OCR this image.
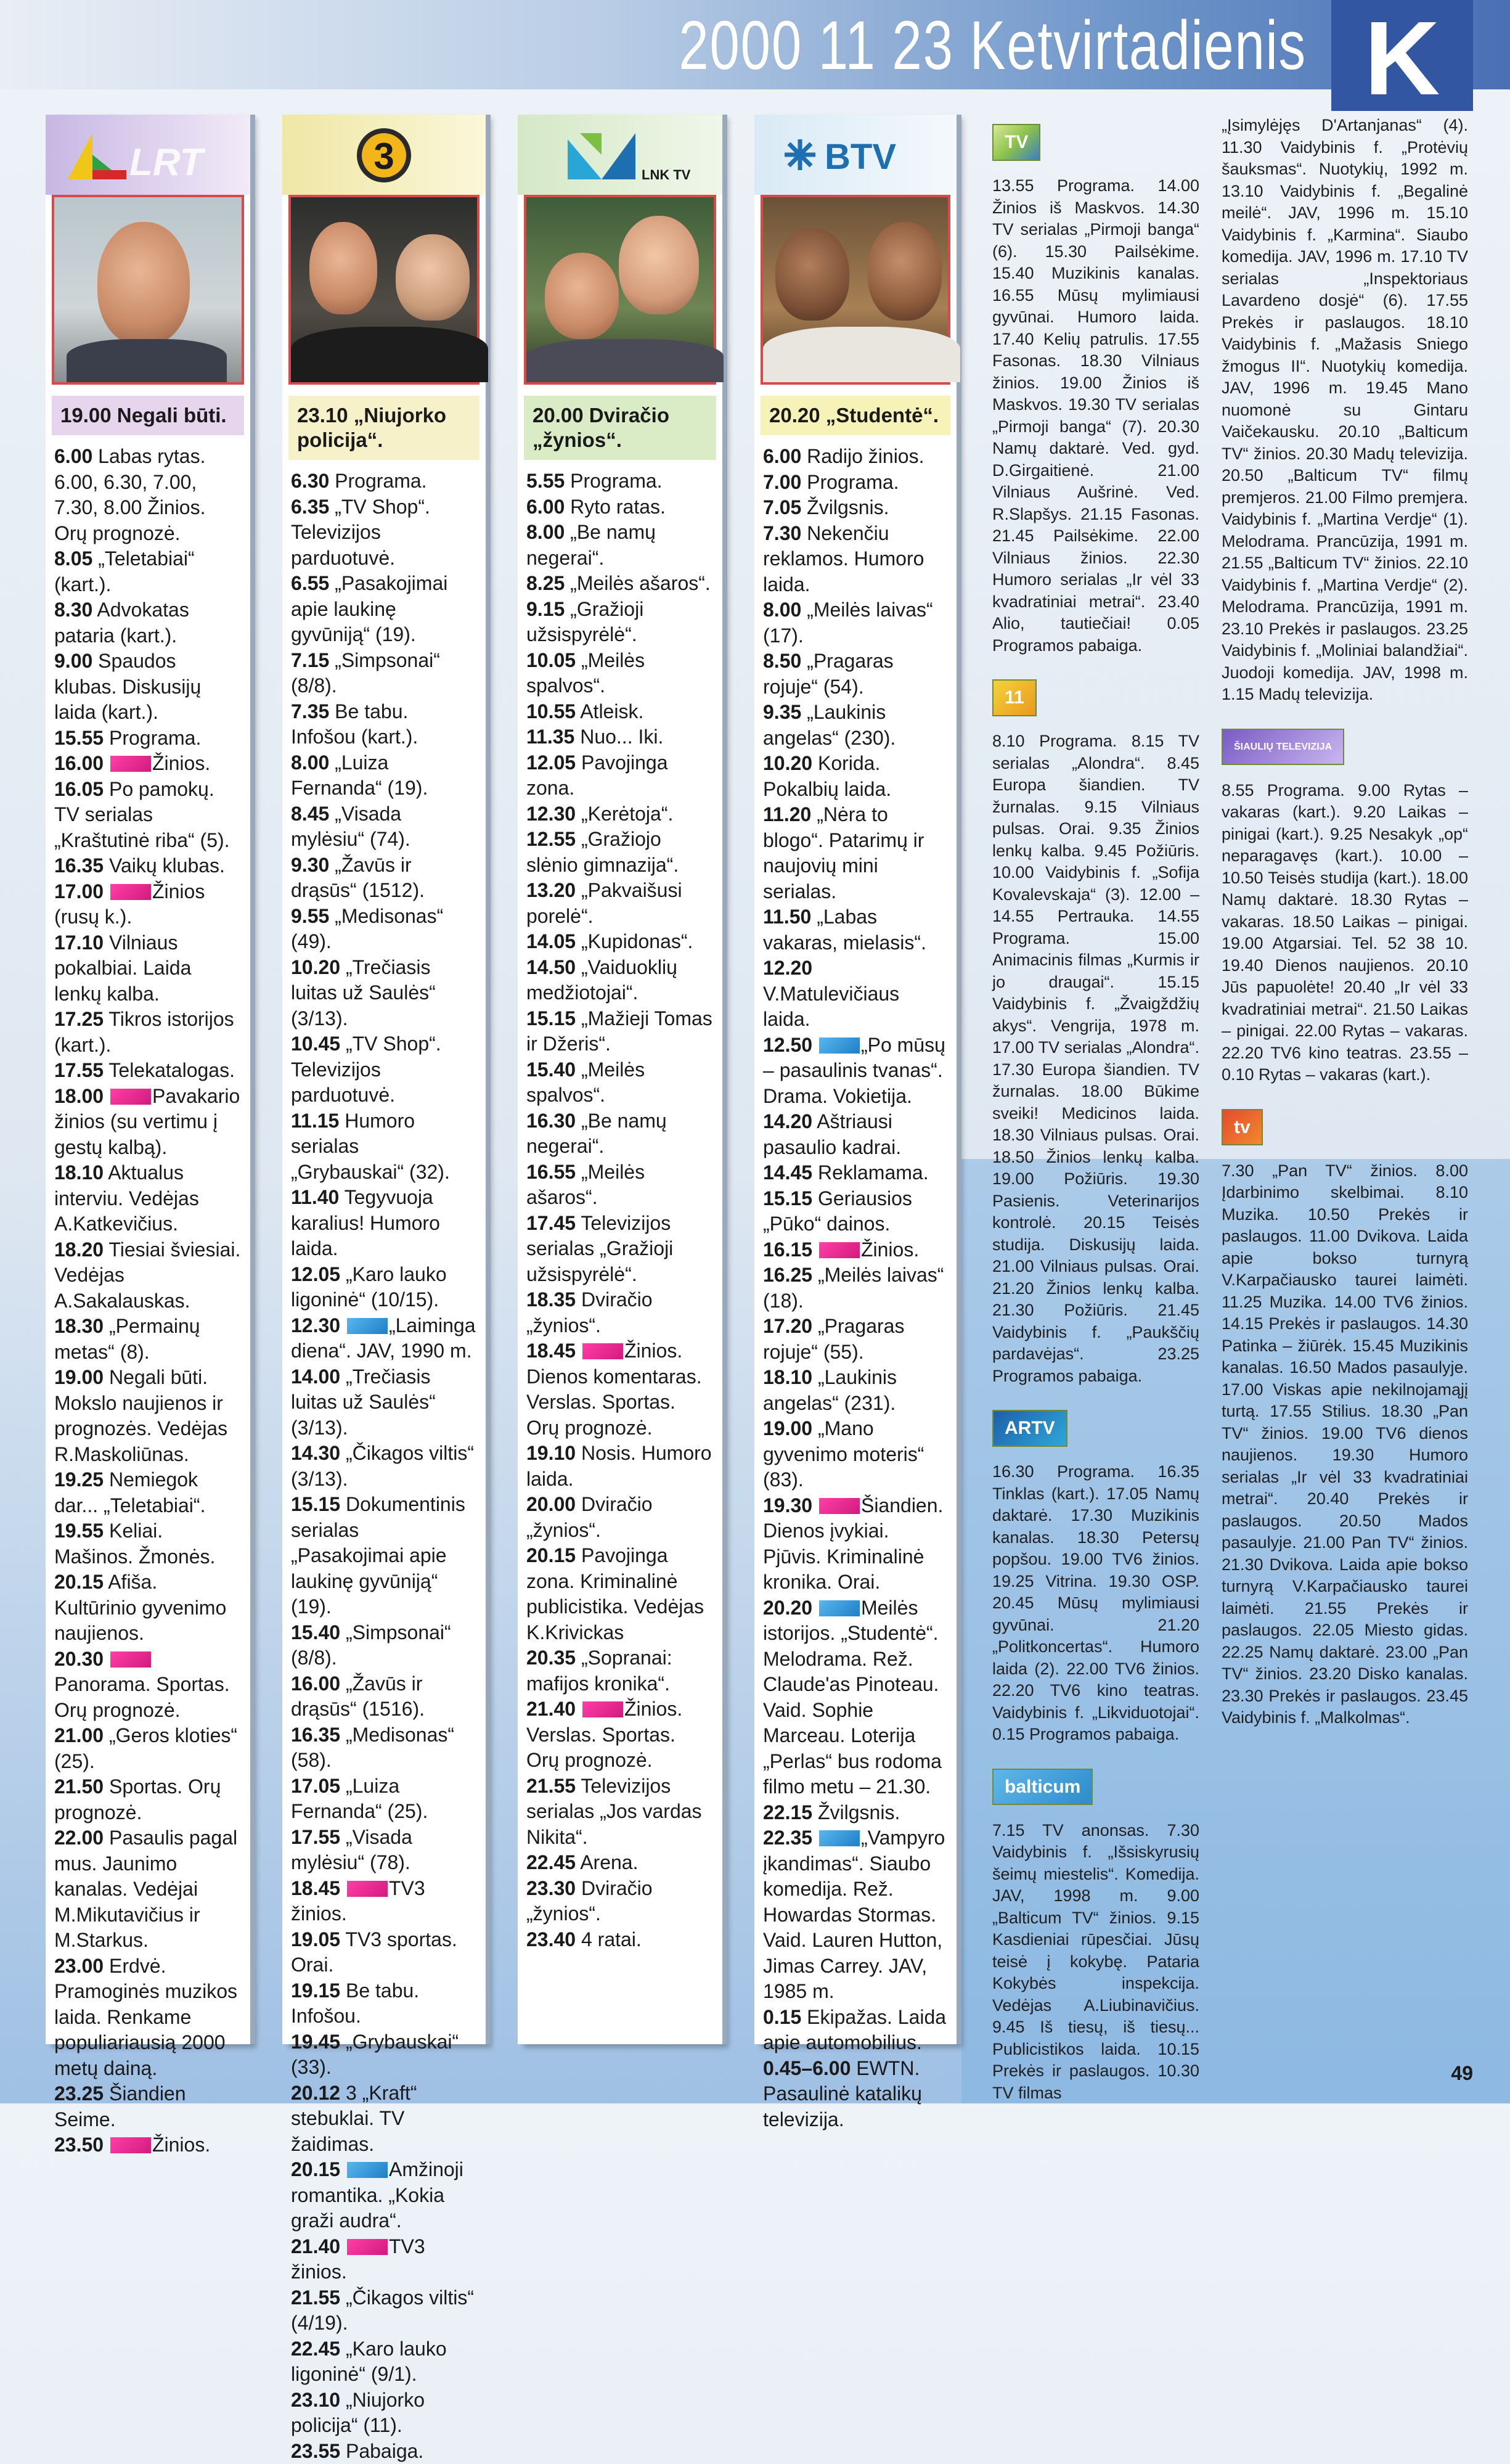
2000 11 23 Ketvirtadienis K
LRT
19.00 Negali būti.
6.00 Labas rytas.
6.00, 6.30, 7.00, 7.30, 8.00 Žinios. Orų prognozė.
8.05 „Teletabiai“ (kart.).
8.30 Advokatas pataria (kart.).
9.00 Spaudos klubas. Diskusijų laida (kart.).
15.55 Programa.
16.00 Žinios.
16.05 Po pamokų. TV serialas „Kraštutinė riba“ (5).
16.35 Vaikų klubas.
17.00 Žinios (rusų k.).
17.10 Vilniaus pokalbiai. Laida lenkų kalba.
17.25 Tikros istorijos (kart.).
17.55 Telekatalogas.
18.00 Pavakario žinios (su vertimu į gestų kalbą).
18.10 Aktualus interviu. Vedėjas A.Katkevičius.
18.20 Tiesiai šviesiai. Vedėjas A.Sakalauskas.
18.30 „Permainų metas“ (8).
19.00 Negali būti. Mokslo naujienos ir prognozės. Vedėjas R.Maskoliūnas.
19.25 Nemiegok dar... „Teletabiai“.
19.55 Keliai. Mašinos. Žmonės.
20.15 Afiša. Kultūrinio gyvenimo naujienos.
20.30 Panorama. Sportas. Orų prognozė.
21.00 „Geros kloties“ (25).
21.50 Sportas. Orų prognozė.
22.00 Pasaulis pagal mus. Jaunimo kanalas. Vedėjai M.Mikutavičius ir M.Starkus.
23.00 Erdvė. Pramoginės muzikos laida. Renkame populiariausią 2000 metų dainą.
23.25 Šiandien Seime.
23.50 Žinios.
3
23.10 „Niujorko policija“.
6.30 Programa.
6.35 „TV Shop“. Televizijos parduotuvė.
6.55 „Pasakojimai apie laukinę gyvūniją“ (19).
7.15 „Simpsonai“ (8/8).
7.35 Be tabu. Infošou (kart.).
8.00 „Luiza Fernanda“ (19).
8.45 „Visada mylėsiu“ (74).
9.30 „Žavūs ir drąsūs“ (1512).
9.55 „Medisonas“ (49).
10.20 „Trečiasis luitas už Saulės“ (3/13).
10.45 „TV Shop“. Televizijos parduotuvė.
11.15 Humoro serialas „Grybauskai“ (32).
11.40 Tegyvuoja karalius! Humoro laida.
12.05 „Karo lauko ligoninė“ (10/15).
12.30 „Laiminga diena“. JAV, 1990 m.
14.00 „Trečiasis luitas už Saulės“ (3/13).
14.30 „Čikagos viltis“ (3/13).
15.15 Dokumentinis serialas „Pasakojimai apie laukinę gyvūniją“ (19).
15.40 „Simpsonai“ (8/8).
16.00 „Žavūs ir drąsūs“ (1516).
16.35 „Medisonas“ (58).
17.05 „Luiza Fernanda“ (25).
17.55 „Visada mylėsiu“ (78).
18.45 TV3 žinios.
19.05 TV3 sportas. Orai.
19.15 Be tabu. Infošou.
19.45 „Grybauskai“ (33).
20.12 3 „Kraft“ stebuklai. TV žaidimas.
20.15 Amžinoji romantika. „Kokia graži audra“.
21.40 TV3 žinios.
21.55 „Čikagos viltis“ (4/19).
22.45 „Karo lauko ligoninė“ (9/1).
23.10 „Niujorko policija“ (11).
23.55 Pabaiga.
LNK TV
20.00 Dviračio „žynios“.
5.55 Programa.
6.00 Ryto ratas.
8.00 „Be namų negerai“.
8.25 „Meilės ašaros“.
9.15 „Gražioji užsispyrėlė“.
10.05 „Meilės spalvos“.
10.55 Atleisk.
11.35 Nuo... Iki.
12.05 Pavojinga zona.
12.30 „Kerėtoja“.
12.55 „Gražiojo slėnio gimnazija“.
13.20 „Pakvaišusi porelė“.
14.05 „Kupidonas“.
14.50 „Vaiduoklių medžiotojai“.
15.15 „Mažieji Tomas ir Džeris“.
15.40 „Meilės spalvos“.
16.30 „Be namų negerai“.
16.55 „Meilės ašaros“.
17.45 Televizijos serialas „Gražioji užsispyrėlė“.
18.35 Dviračio „žynios“.
18.45 Žinios. Dienos komentaras. Verslas. Sportas. Orų prognozė.
19.10 Nosis. Humoro laida.
20.00 Dviračio „žynios“.
20.15 Pavojinga zona. Kriminalinė publicistika. Vedėjas K.Krivickas
20.35 „Sopranai: mafijos kronika“.
21.40 Žinios. Verslas. Sportas. Orų prognozė.
21.55 Televizijos serialas „Jos vardas Nikita“.
22.45 Arena.
23.30 Dviračio „žynios“.
23.40 4 ratai.
BTV
20.20 „Studentė“.
6.00 Radijo žinios.
7.00 Programa.
7.05 Žvilgsnis.
7.30 Nekenčiu reklamos. Humoro laida.
8.00 „Meilės laivas“ (17).
8.50 „Pragaras rojuje“ (54).
9.35 „Laukinis angelas“ (230).
10.20 Korida. Pokalbių laida.
11.20 „Nėra to blogo“. Patarimų ir naujovių mini serialas.
11.50 „Labas vakaras, mielasis“.
12.20 V.Matulevičiaus laida.
12.50 „Po mūsų – pasaulinis tvanas“. Drama. Vokietija.
14.20 Aštriausi pasaulio kadrai.
14.45 Reklamama.
15.15 Geriausios „Pūko“ dainos.
16.15 Žinios.
16.25 „Meilės laivas“ (18).
17.20 „Pragaras rojuje“ (55).
18.10 „Laukinis angelas“ (231).
19.00 „Mano gyvenimo moteris“ (83).
19.30 Šiandien. Dienos įvykiai. Pjūvis. Kriminalinė kronika. Orai.
20.20 Meilės istorijos. „Studentė“. Melodrama. Rež. Claude'as Pinoteau. Vaid. Sophie Marceau. Loterija „Perlas“ bus rodoma filmo metu – 21.30.
22.15 Žvilgsnis.
22.35 „Vampyro įkandimas“. Siaubo komedija. Rež. Howardas Stormas. Vaid. Lauren Hutton, Jimas Carrey. JAV, 1985 m.
0.15 Ekipažas. Laida apie automobilius.
0.45–6.00 EWTN. Pasaulinė katalikų televizija.
TV
13.55 Programa. 14.00 Žinios iš Maskvos. 14.30 TV serialas „Pirmoji banga“ (6). 15.30 Pailsėkime. 15.40 Muzikinis kanalas. 16.55 Mūsų mylimiausi gyvūnai. Humoro laida. 17.40 Kelių patrulis. 17.55 Fasonas. 18.30 Vilniaus žinios. 19.00 Žinios iš Maskvos. 19.30 TV serialas „Pirmoji banga“ (7). 20.30 Namų daktarė. Ved. gyd. D.Girgaitienė. 21.00 Vilniaus Aušrinė. Ved. R.Slapšys. 21.15 Fasonas. 21.45 Pailsėkime. 22.00 Vilniaus žinios. 22.30 Humoro serialas „Ir vėl 33 kvadratiniai metrai“. 23.40 Alio, tautiečiai! 0.05 Programos pabaiga.
11
8.10 Programa. 8.15 TV serialas „Alondra“. 8.45 Europa šiandien. TV žurnalas. 9.15 Vilniaus pulsas. Orai. 9.35 Žinios lenkų kalba. 9.45 Požiūris. 10.00 Vaidybinis f. „Sofija Kovalevskaja“ (3). 12.00 – 14.55 Pertrauka. 14.55 Programa. 15.00 Animacinis filmas „Kurmis ir jo draugai“. 15.15 Vaidybinis f. „Žvaigždžių akys“. Vengrija, 1978 m. 17.00 TV serialas „Alondra“. 17.30 Europa šiandien. TV žurnalas. 18.00 Būkime sveiki! Medicinos laida. 18.30 Vilniaus pulsas. Orai. 18.50 Žinios lenkų kalba. 19.00 Požiūris. 19.30 Pasienis. Veterinarijos kontrolė. 20.15 Teisės studija. Diskusijų laida. 21.00 Vilniaus pulsas. Orai. 21.20 Žinios lenkų kalba. 21.30 Požiūris. 21.45 Vaidybinis f. „Paukščių pardavėjas“. 23.25 Programos pabaiga.
ARTV
16.30 Programa. 16.35 Tinklas (kart.). 17.05 Namų daktarė. 17.30 Muzikinis kanalas. 18.30 Petersų popšou. 19.00 TV6 žinios. 19.25 Vitrina. 19.30 OSP. 20.45 Mūsų mylimiausi gyvūnai. 21.20 „Politkoncertas“. Humoro laida (2). 22.00 TV6 žinios. 22.20 TV6 kino teatras. Vaidybinis f. „Likviduotojai“. 0.15 Programos pabaiga.
balticum
7.15 TV anonsas. 7.30 Vaidybinis f. „Išsiskyrusių šeimų miestelis“. Komedija. JAV, 1998 m. 9.00 „Balticum TV“ žinios. 9.15 Kasdieniai rūpesčiai. Jūsų teisė į kokybę. Pataria Kokybės inspekcija. Vedėjas A.Liubinavičius. 9.45 Iš tiesų, iš tiesų... Publicistikos laida. 10.15 Prekės ir paslaugos. 10.30 TV filmas
„Įsimylėjęs D'Artanjanas“ (4). 11.30 Vaidybinis f. „Protėvių šauksmas“. Nuotykių, 1992 m. 13.10 Vaidybinis f. „Begalinė meilė“. JAV, 1996 m. 15.10 Vaidybinis f. „Karmina“. Siaubo komedija. JAV, 1996 m. 17.10 TV serialas „Inspektoriaus Lavardeno dosjė“ (6). 17.55 Prekės ir paslaugos. 18.10 Vaidybinis f. „Mažasis Sniego žmogus II“. Nuotykių komedija. JAV, 1996 m. 19.45 Mano nuomonė su Gintaru Vaičekausku. 20.10 „Balticum TV“ žinios. 20.30 Madų televizija. 20.50 „Balticum TV“ filmų premjeros. 21.00 Filmo premjera. Vaidybinis f. „Martina Verdje“ (1). Melodrama. Prancūzija, 1991 m. 21.55 „Balticum TV“ žinios. 22.10 Vaidybinis f. „Martina Verdje“ (2). Melodrama. Prancūzija, 1991 m. 23.10 Prekės ir paslaugos. 23.25 Vaidybinis f. „Moliniai balandžiai“. Juodoji komedija. JAV, 1998 m. 1.15 Madų televizija.
ŠIAULIŲ TELEVIZIJA
8.55 Programa. 9.00 Rytas – vakaras (kart.). 9.20 Laikas – pinigai (kart.). 9.25 Nesakyk „op“ neparagavęs (kart.). 10.00 – 10.50 Teisės studija (kart.). 18.00 Namų daktarė. 18.30 Rytas – vakaras. 18.50 Laikas – pinigai. 19.00 Atgarsiai. Tel. 52 38 10. 19.40 Dienos naujienos. 20.10 Jūs papuolėte! 20.40 „Ir vėl 33 kvadratiniai metrai“. 21.50 Laikas – pinigai. 22.00 Rytas – vakaras. 22.20 TV6 kino teatras. 23.55 – 0.10 Rytas – vakaras (kart.).
tv
7.30 „Pan TV“ žinios. 8.00 Įdarbinimo skelbimai. 8.10 Muzika. 10.50 Prekės ir paslaugos. 11.00 Dvikova. Laida apie bokso turnyrą V.Karpačiausko taurei laimėti. 11.25 Muzika. 14.00 TV6 žinios. 14.15 Prekės ir paslaugos. 14.30 Patinka – žiūrėk. 15.45 Muzikinis kanalas. 16.50 Mados pasaulyje. 17.00 Viskas apie nekilnojamąjį turtą. 17.55 Stilius. 18.30 „Pan TV“ žinios. 19.00 TV6 dienos naujienos. 19.30 Humoro serialas „Ir vėl 33 kvadratiniai metrai“. 20.40 Prekės ir paslaugos. 20.50 Mados pasaulyje. 21.00 Pan TV“ žinios. 21.30 Dvikova. Laida apie bokso turnyrą V.Karpačiausko taurei laimėti. 21.55 Prekės ir paslaugos. 22.05 Miesto gidas. 22.25 Namų daktarė. 23.00 „Pan TV“ žinios. 23.20 Disko kanalas. 23.30 Prekės ir paslaugos. 23.45 Vaidybinis f. „Malkolmas“.
49
